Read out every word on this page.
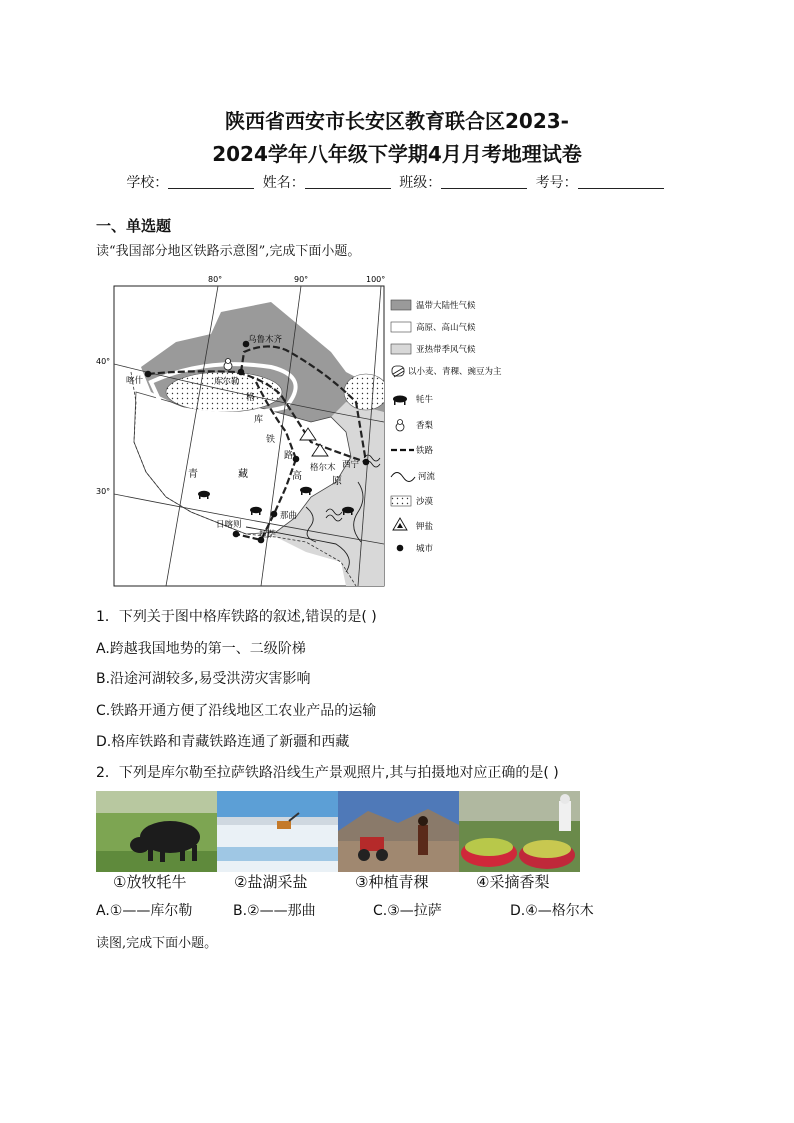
陕西省西安市长安区教育联合区2023-
2024学年八年级下学期4月月考地理试卷
学校：	姓名：	班级：	考号：
一、单选题
读“我国部分地区铁路示意图”,完成下面小题。
80°	90°	100°
40°
30°
喀什
乌鲁木齐
库尔勒
格尔木 西宁
那曲
日喀则
拉萨
格
库
铁
路
青	藏	高	原
温带大陆性气候
高原、高山气候
亚热带季风气候
以小麦、青稞、豌豆为主
牦牛
香梨
铁路
河流
沙漠
钾盐
城市
1．下列关于图中格库铁路的叙述,错误的是( )
A.跨越我国地势的第一、二级阶梯
B.沿途河湖较多,易受洪涝灾害影响
C.铁路开通方便了沿线地区工农业产品的运输
D.格库铁路和青藏铁路连通了新疆和西藏
2．下列是库尔勒至拉萨铁路沿线生产景观照片,其与拍摄地对应正确的是( )
①放牧牦牛	②盐湖采盐	③种植青稞	④采摘香梨
A.①——库尔勒	B.②——那曲	C.③—拉萨	D.④—格尔木
读图,完成下面小题。
